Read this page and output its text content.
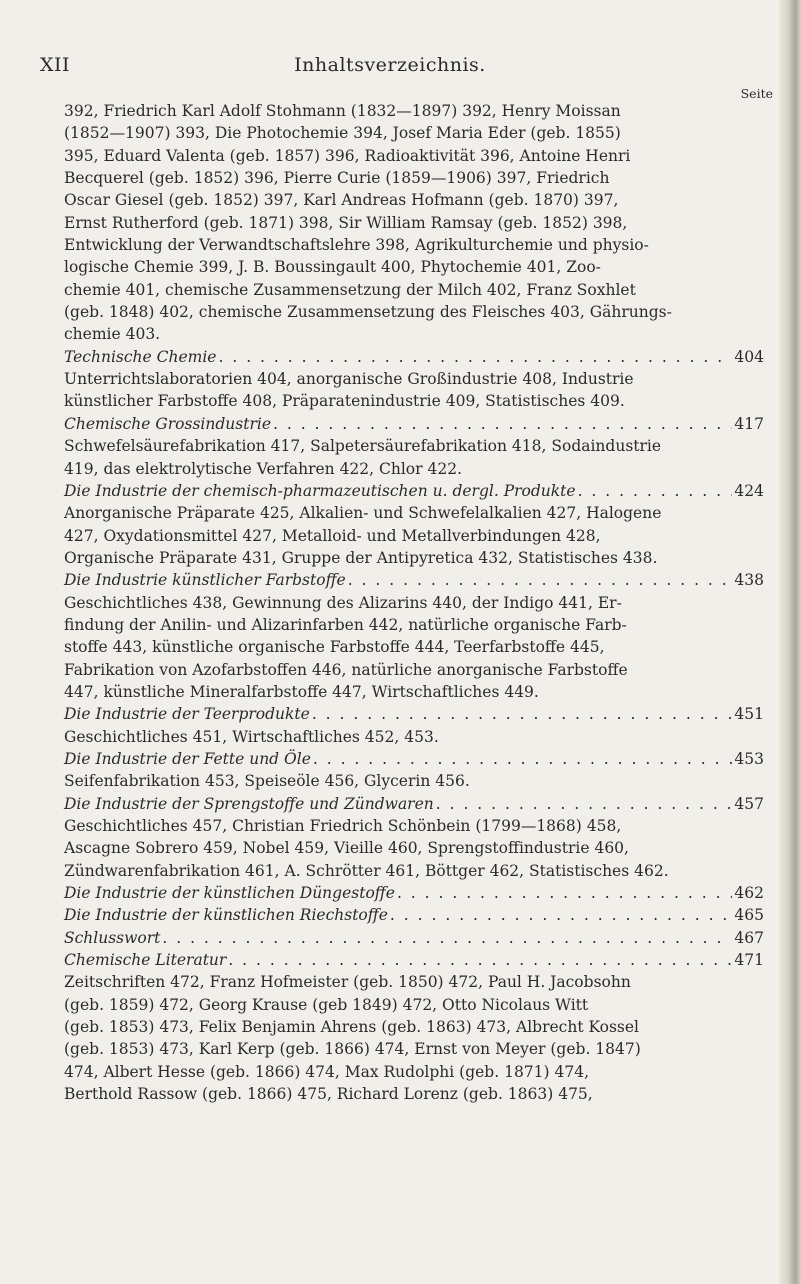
XII	Inhaltsverzeichnis.
Seite
392, Friedrich Karl Adolf Stohmann (1832—1897) 392, Henry Moissan
(1852—1907) 393, Die Photochemie 394, Josef Maria Eder (geb. 1855)
395, Eduard Valenta (geb. 1857) 396, Radioaktivität 396, Antoine Henri
Becquerel (geb. 1852) 396, Pierre Curie (1859—1906) 397, Friedrich
Oscar Giesel (geb. 1852) 397, Karl Andreas Hofmann (geb. 1870) 397,
Ernst Rutherford (geb. 1871) 398, Sir William Ramsay (geb. 1852) 398,
Entwicklung der Verwandtschaftslehre 398, Agrikulturchemie und physio-
logische Chemie 399, J. B. Boussingault 400, Phytochemie 401, Zoo-
chemie 401, chemische Zusammensetzung der Milch 402, Franz Soxhlet
(geb. 1848) 402, chemische Zusammensetzung des Fleisches 403, Gährungs-
chemie 403.
Technische Chemie . . .	404
Unterrichtslaboratorien 404, anorganische Großindustrie 408, Industrie
künstlicher Farbstoffe 408, Präparatenindustrie 409, Statistisches 409.
Chemische Grossindustrie . . .	417
Schwefelsäurefabrikation 417, Salpetersäurefabrikation 418, Sodaindustrie
419, das elektrolytische Verfahren 422, Chlor 422.
Die Industrie der chemisch-pharmazeutischen u. dergl. Produkte . . .	424
Anorganische Präparate 425, Alkalien- und Schwefelalkalien 427, Halogene
427, Oxydationsmittel 427, Metalloid- und Metallverbindungen 428,
Organische Präparate 431, Gruppe der Antipyretica 432, Statistisches 438.
Die Industrie künstlicher Farbstoffe . . .	438
Geschichtliches 438, Gewinnung des Alizarins 440, der Indigo 441, Er-
findung der Anilin- und Alizarinfarben 442, natürliche organische Farb-
stoffe 443, künstliche organische Farbstoffe 444, Teerfarbstoffe 445,
Fabrikation von Azofarbstoffen 446, natürliche anorganische Farbstoffe
447, künstliche Mineralfarbstoffe 447, Wirtschaftliches 449.
Die Industrie der Teerprodukte . . .	451
Geschichtliches 451, Wirtschaftliches 452, 453.
Die Industrie der Fette und Öle . . .	453
Seifenfabrikation 453, Speiseöle 456, Glycerin 456.
Die Industrie der Sprengstoffe und Zündwaren . . .	457
Geschichtliches 457, Christian Friedrich Schönbein (1799—1868) 458,
Ascagne Sobrero 459, Nobel 459, Vieille 460, Sprengstoffindustrie 460,
Zündwarenfabrikation 461, A. Schrötter 461, Böttger 462, Statistisches 462.
Die Industrie der künstlichen Düngestoffe . . .	462
Die Industrie der künstlichen Riechstoffe . . .	465
Schlusswort . . .	467
Chemische Literatur . . .	471
Zeitschriften 472, Franz Hofmeister (geb. 1850) 472, Paul H. Jacobsohn
(geb. 1859) 472, Georg Krause (geb 1849) 472, Otto Nicolaus Witt
(geb. 1853) 473, Felix Benjamin Ahrens (geb. 1863) 473, Albrecht Kossel
(geb. 1853) 473, Karl Kerp (geb. 1866) 474, Ernst von Meyer (geb. 1847)
474, Albert Hesse (geb. 1866) 474, Max Rudolphi (geb. 1871) 474,
Berthold Rassow (geb. 1866) 475, Richard Lorenz (geb. 1863) 475,
